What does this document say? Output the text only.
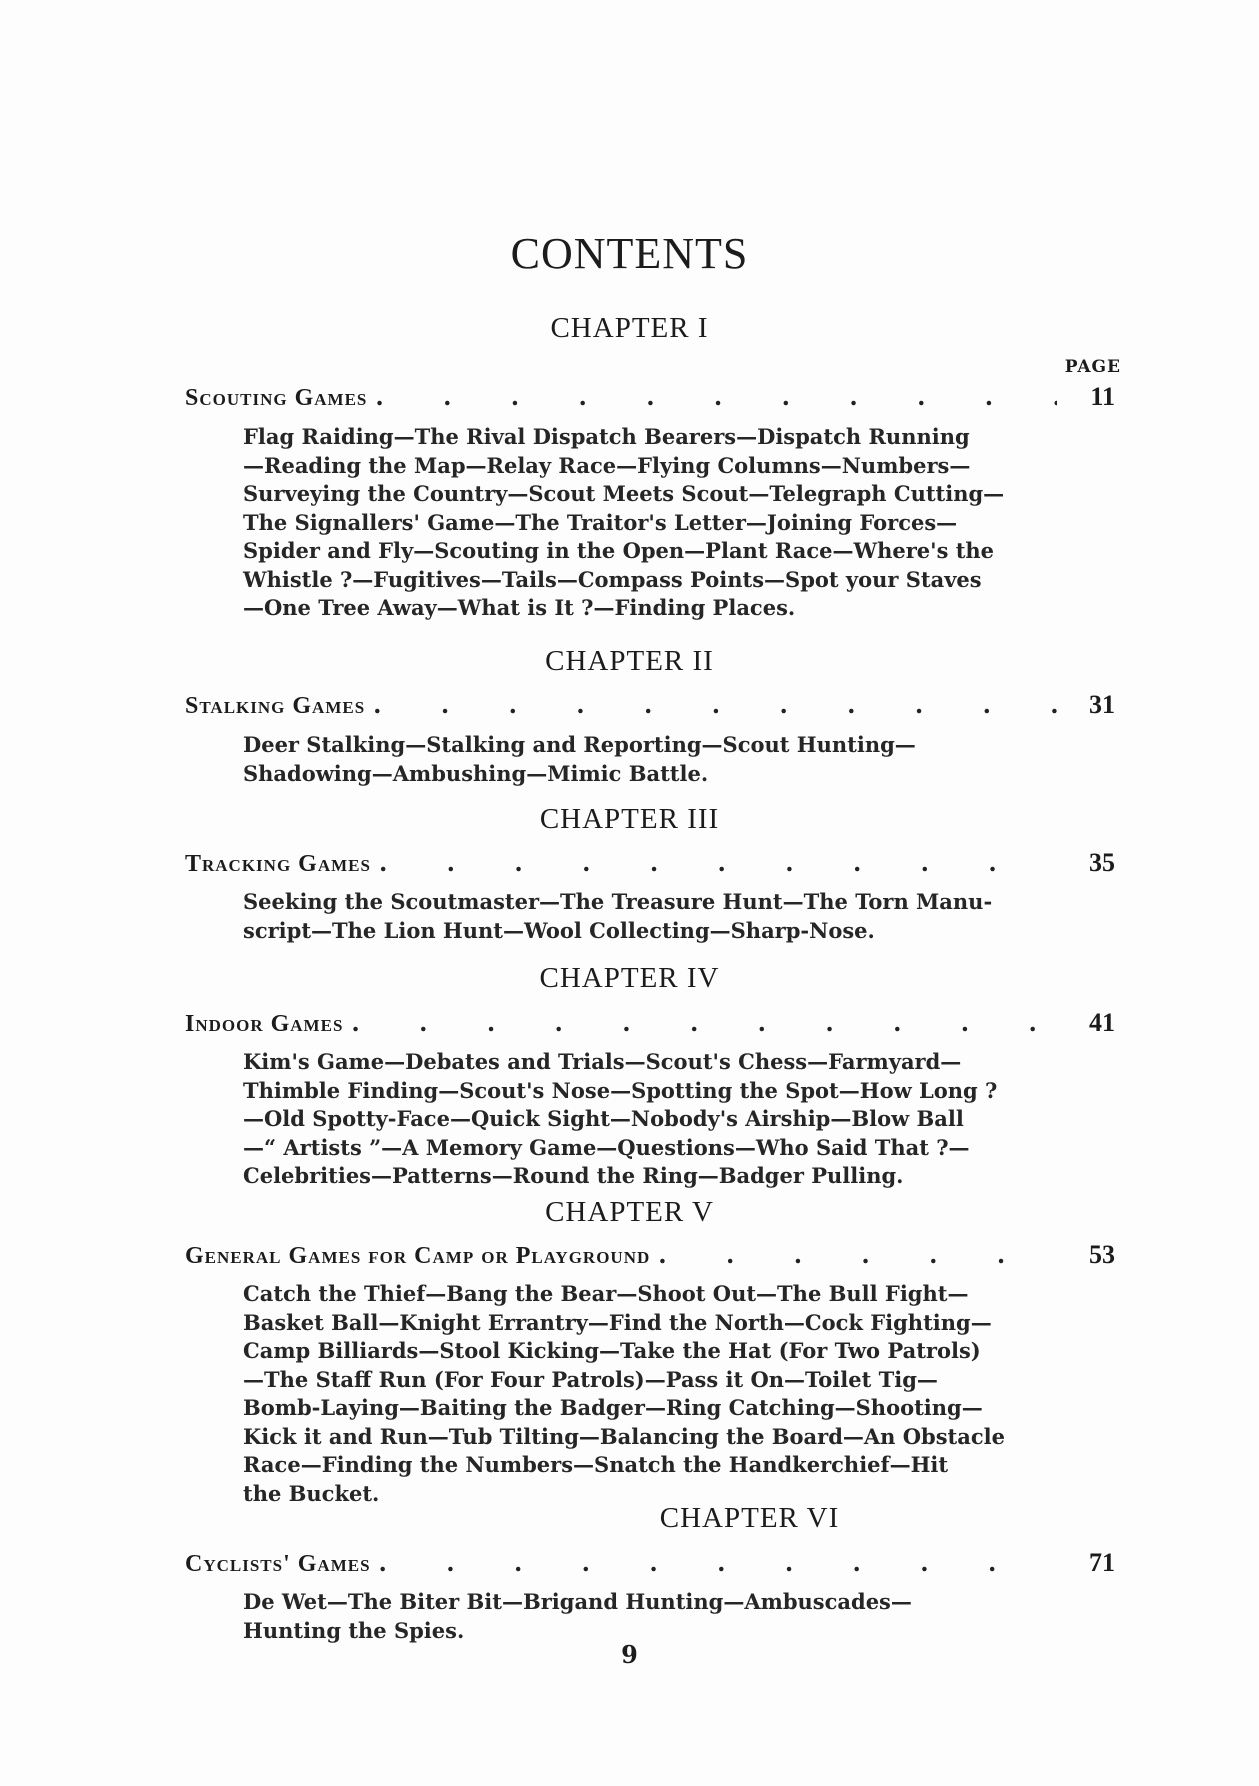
CONTENTS
CHAPTER I
PAGE
Scouting Games . . .	11
Flag Raiding—The Rival Dispatch Bearers—Dispatch Running
—Reading the Map—Relay Race—Flying Columns—Numbers—
Surveying the Country—Scout Meets Scout—Telegraph Cutting—
The Signallers' Game—The Traitor's Letter—Joining Forces—
Spider and Fly—Scouting in the Open—Plant Race—Where's the
Whistle ?—Fugitives—Tails—Compass Points—Spot your Staves
—One Tree Away—What is It ?—Finding Places.
CHAPTER II
Stalking Games . . .	31
Deer Stalking—Stalking and Reporting—Scout Hunting—
Shadowing—Ambushing—Mimic Battle.
CHAPTER III
Tracking Games . . .	35
Seeking the Scoutmaster—The Treasure Hunt—The Torn Manu-
script—The Lion Hunt—Wool Collecting—Sharp-Nose.
CHAPTER IV
Indoor Games . . .	41
Kim's Game—Debates and Trials—Scout's Chess—Farmyard—
Thimble Finding—Scout's Nose—Spotting the Spot—How Long ?
—Old Spotty-Face—Quick Sight—Nobody's Airship—Blow Ball
—“ Artists ”—A Memory Game—Questions—Who Said That ?—
Celebrities—Patterns—Round the Ring—Badger Pulling.
CHAPTER V
General Games for Camp or Playground . . .	53
Catch the Thief—Bang the Bear—Shoot Out—The Bull Fight—
Basket Ball—Knight Errantry—Find the North—Cock Fighting—
Camp Billiards—Stool Kicking—Take the Hat (For Two Patrols)
—The Staff Run (For Four Patrols)—Pass it On—Toilet Tig—
Bomb-Laying—Baiting the Badger—Ring Catching—Shooting—
Kick it and Run—Tub Tilting—Balancing the Board—An Obstacle
Race—Finding the Numbers—Snatch the Handkerchief—Hit
the Bucket.
CHAPTER VI
Cyclists' Games . . .	71
De Wet—The Biter Bit—Brigand Hunting—Ambuscades—
Hunting the Spies.
9
